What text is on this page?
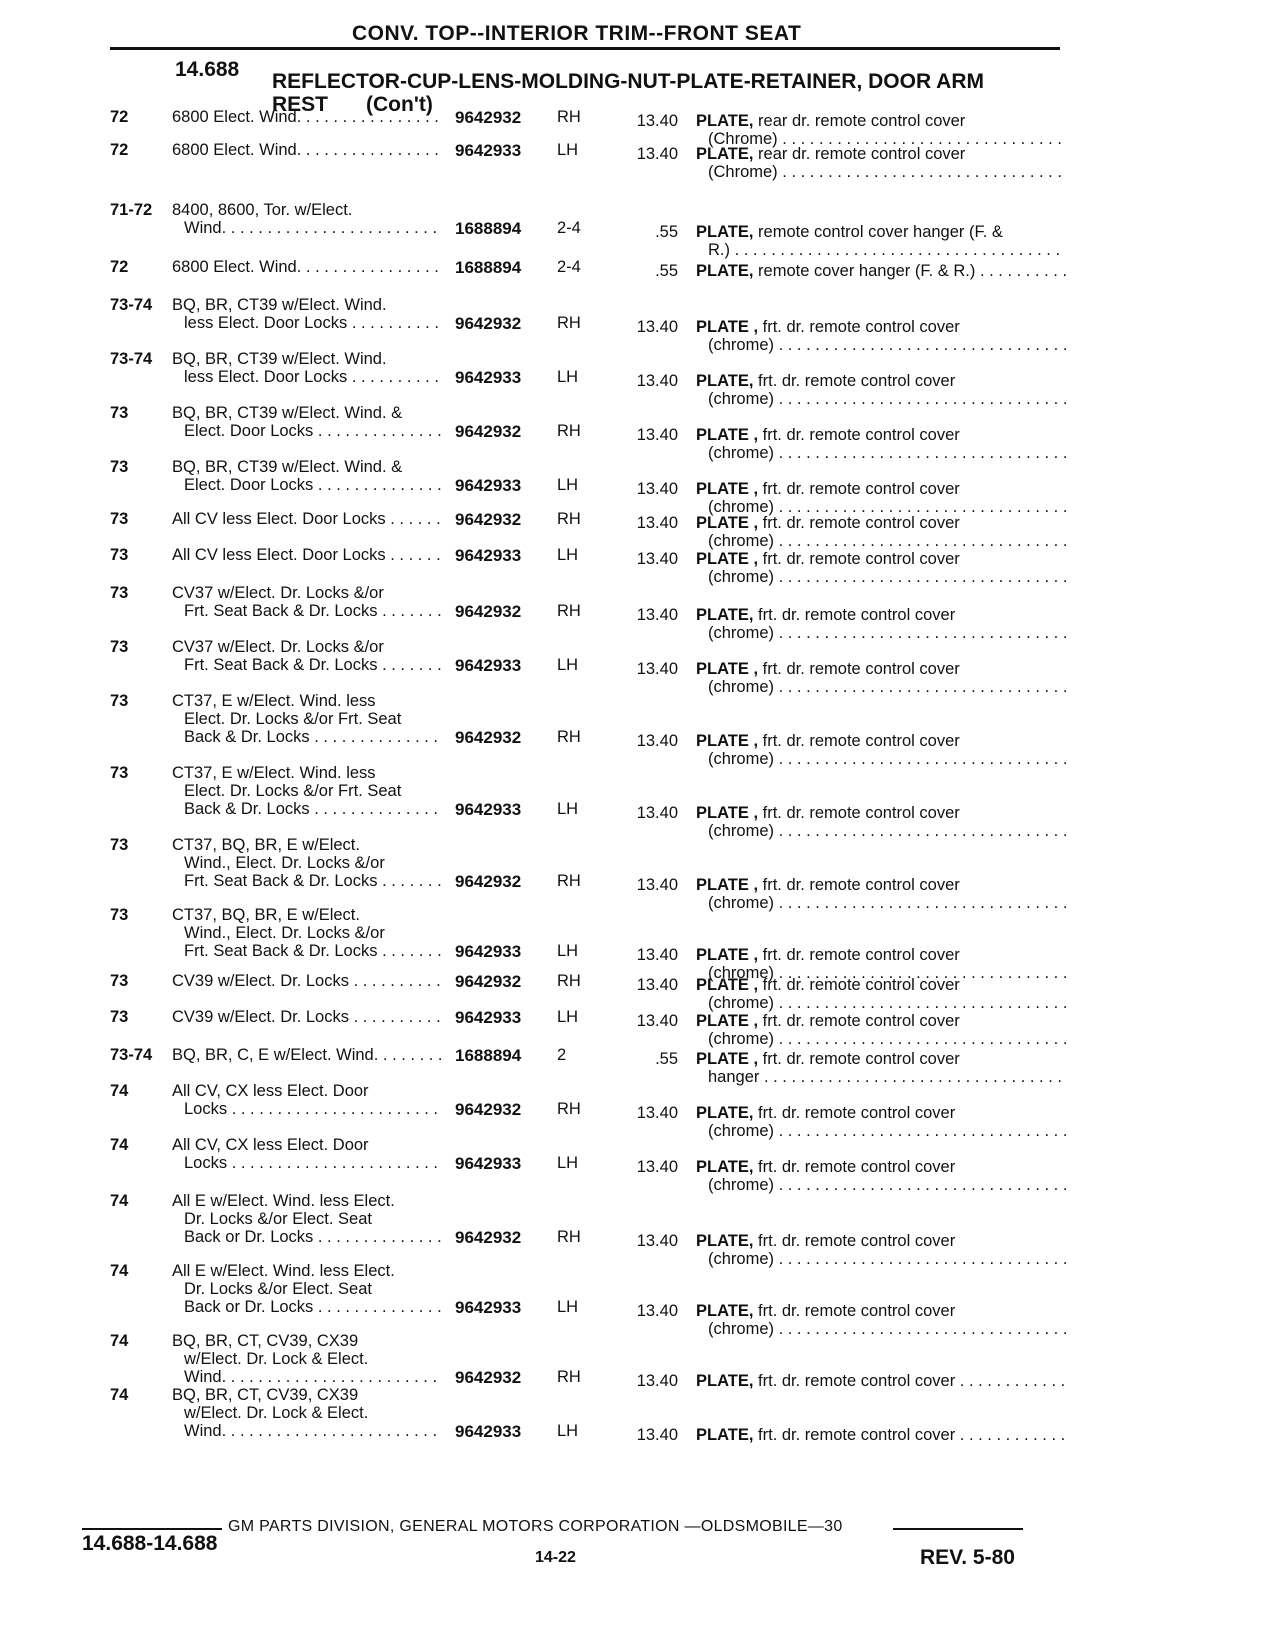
CONV. TOP--INTERIOR TRIM--FRONT SEAT
14.688
REFLECTOR-CUP-LENS-MOLDING-NUT-PLATE-RETAINER, DOOR ARM
REST (Con't)
72	6800 Elect. Wind. . . .	9642932	RH	13.40 PLATE, rear dr. remote control cover
(Chrome) . . .
72	6800 Elect. Wind. . . .	9642933	LH	13.40 PLATE, rear dr. remote control cover
(Chrome) . . .
71-72	8400, 8600, Tor. w/Elect.
Wind. . . .	1688894	2-4	.55 PLATE, remote control cover hanger (F. &
R.) . . .
72	6800 Elect. Wind. . . .	1688894	2-4	.55 PLATE, remote cover hanger (F. & R.) . . .
73-74	BQ, BR, CT39 w/Elect. Wind.
less Elect. Door Locks . . .	9642932	RH	13.40 PLATE , frt. dr. remote control cover
(chrome) . . .
73-74	BQ, BR, CT39 w/Elect. Wind.
less Elect. Door Locks . . .	9642933	LH	13.40 PLATE, frt. dr. remote control cover
(chrome) . . .
73	BQ, BR, CT39 w/Elect. Wind. &
Elect. Door Locks . . .	9642932	RH	13.40 PLATE , frt. dr. remote control cover
(chrome) . . .
73	BQ, BR, CT39 w/Elect. Wind. &
Elect. Door Locks . . .	9642933	LH	13.40 PLATE , frt. dr. remote control cover
(chrome) . . .
73	All CV less Elect. Door Locks . . .	9642932	RH	13.40 PLATE , frt. dr. remote control cover
(chrome) . . .
73	All CV less Elect. Door Locks . . .	9642933	LH	13.40 PLATE , frt. dr. remote control cover
(chrome) . . .
73	CV37 w/Elect. Dr. Locks &/or
Frt. Seat Back & Dr. Locks . . .	9642932	RH	13.40 PLATE, frt. dr. remote control cover
(chrome) . . .
73	CV37 w/Elect. Dr. Locks &/or
Frt. Seat Back & Dr. Locks . . .	9642933	LH	13.40 PLATE , frt. dr. remote control cover
(chrome) . . .
73	CT37, E w/Elect. Wind. less
Elect. Dr. Locks &/or Frt. Seat
Back & Dr. Locks . . .	9642932	RH	13.40 PLATE , frt. dr. remote control cover
(chrome) . . .
73	CT37, E w/Elect. Wind. less
Elect. Dr. Locks &/or Frt. Seat
Back & Dr. Locks . . .	9642933	LH	13.40 PLATE , frt. dr. remote control cover
(chrome) . . .
73	CT37, BQ, BR, E w/Elect.
Wind., Elect. Dr. Locks &/or
Frt. Seat Back & Dr. Locks . . .	9642932	RH	13.40 PLATE , frt. dr. remote control cover
(chrome) . . .
73	CT37, BQ, BR, E w/Elect.
Wind., Elect. Dr. Locks &/or
Frt. Seat Back & Dr. Locks . . .	9642933	LH	13.40 PLATE , frt. dr. remote control cover
(chrome) . . .
73	CV39 w/Elect. Dr. Locks . . .	9642932	RH	13.40 PLATE , frt. dr. remote control cover
(chrome) . . .
73	CV39 w/Elect. Dr. Locks . . .	9642933	LH	13.40 PLATE , frt. dr. remote control cover
(chrome) . . .
73-74	BQ, BR, C, E w/Elect. Wind. . . .	1688894	2	.55 PLATE , frt. dr. remote control cover
hanger . . .
74	All CV, CX less Elect. Door
Locks . . .	9642932	RH	13.40 PLATE, frt. dr. remote control cover
(chrome) . . .
74	All CV, CX less Elect. Door
Locks . . .	9642933	LH	13.40 PLATE, frt. dr. remote control cover
(chrome) . . .
74	All E w/Elect. Wind. less Elect.
Dr. Locks &/or Elect. Seat
Back or Dr. Locks . . .	9642932	RH	13.40 PLATE, frt. dr. remote control cover
(chrome) . . .
74	All E w/Elect. Wind. less Elect.
Dr. Locks &/or Elect. Seat
Back or Dr. Locks . . .	9642933	LH	13.40 PLATE, frt. dr. remote control cover
(chrome) . . .
74	BQ, BR, CT, CV39, CX39
w/Elect. Dr. Lock & Elect.
Wind. . . .	9642932	RH	13.40 PLATE, frt. dr. remote control cover . . .
74	BQ, BR, CT, CV39, CX39
w/Elect. Dr. Lock & Elect.
Wind. . . .	9642933	LH	13.40 PLATE, frt. dr. remote control cover . . .
GM PARTS DIVISION, GENERAL MOTORS CORPORATION —OLDSMOBILE—30
14.688-14.688
14-22	REV. 5-80
